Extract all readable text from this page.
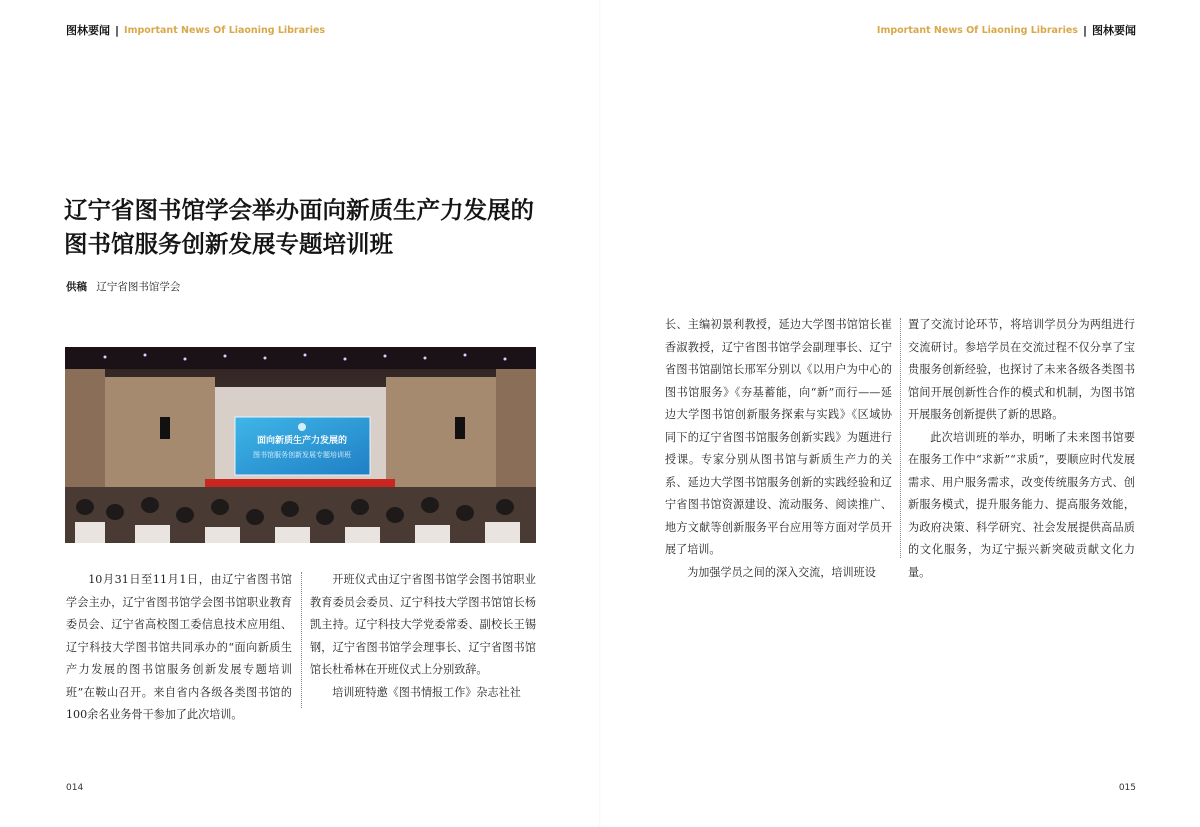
图林要闻 | Important News Of Liaoning Libraries	Important News Of Liaoning Libraries | 图林要闻
辽宁省图书馆学会举办面向新质生产力发展的
图书馆服务创新发展专题培训班
供稿 辽宁省图书馆学会
面向新质生产力发展的
图书馆服务创新发展专题培训班

10月31日至11月1日，由辽宁省图书馆学会主办，辽宁省图书馆学会图书馆职业教育委员会、辽宁省高校图工委信息技术应用组、辽宁科技大学图书馆共同承办的“面向新质生产力发展的图书馆服务创新发展专题培训班”在鞍山召开。来自省内各级各类图书馆的100余名业务骨干参加了此次培训。

开班仪式由辽宁省图书馆学会图书馆职业教育委员会委员、辽宁科技大学图书馆馆长杨凯主持。辽宁科技大学党委常委、副校长王锡钢，辽宁省图书馆学会理事长、辽宁省图书馆馆长杜希林在开班仪式上分别致辞。

培训班特邀《图书情报工作》杂志社社

长、主编初景利教授，延边大学图书馆馆长崔香淑教授，辽宁省图书馆学会副理事长、辽宁省图书馆副馆长邢军分别以《以用户为中心的图书馆服务》《夯基蓄能，向“新”而行——延边大学图书馆创新服务探索与实践》《区域协同下的辽宁省图书馆服务创新实践》为题进行授课。专家分别从图书馆与新质生产力的关系、延边大学图书馆服务创新的实践经验和辽宁省图书馆资源建设、流动服务、阅读推广、地方文献等创新服务平台应用等方面对学员开展了培训。

为加强学员之间的深入交流，培训班设

置了交流讨论环节，将培训学员分为两组进行交流研讨。参培学员在交流过程不仅分享了宝贵服务创新经验，也探讨了未来各级各类图书馆间开展创新性合作的模式和机制，为图书馆开展服务创新提供了新的思路。

此次培训班的举办，明晰了未来图书馆要在服务工作中“求新”“求质”，要顺应时代发展需求、用户服务需求，改变传统服务方式、创新服务模式，提升服务能力、提高服务效能，为政府决策、科学研究、社会发展提供高品质的文化服务，为辽宁振兴新突破贡献文化力量。

014	015
